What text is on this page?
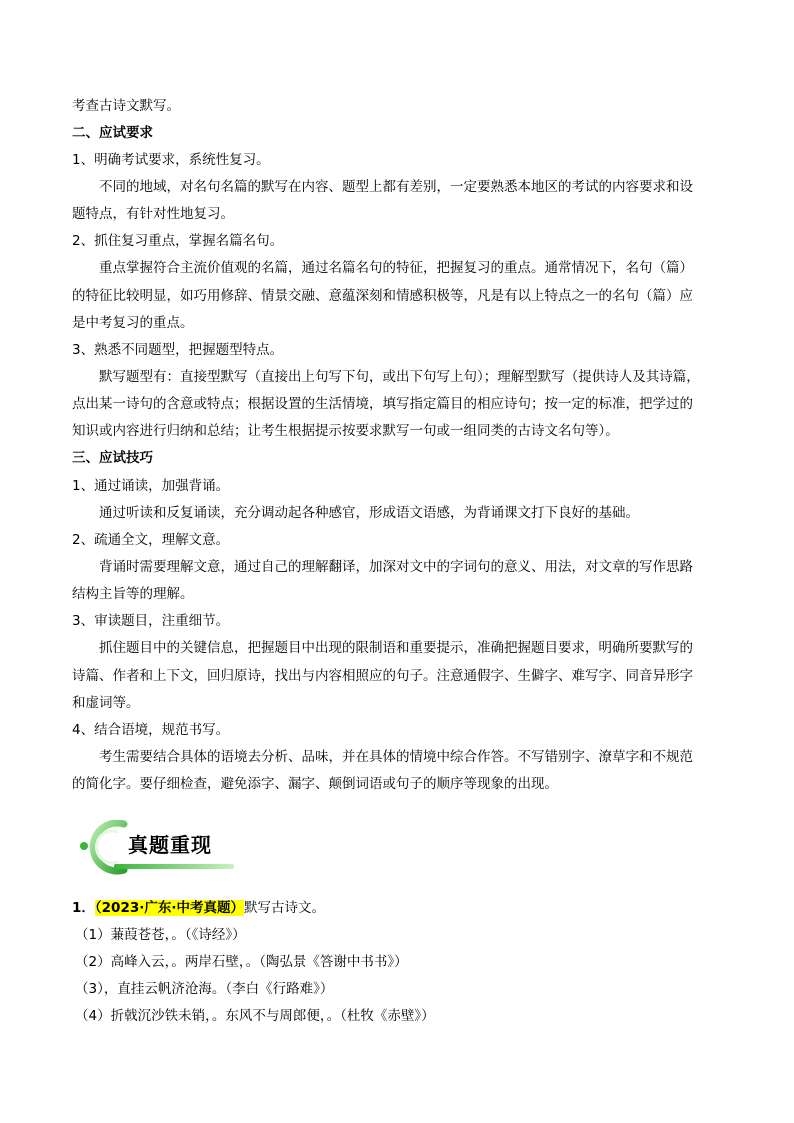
考查古诗文默写。
二、应试要求
1、明确考试要求，系统性复习。
不同的地域，对名句名篇的默写在内容、题型上都有差别，一定要熟悉本地区的考试的内容要求和设
题特点，有针对性地复习。
2、抓住复习重点，掌握名篇名句。
重点掌握符合主流价值观的名篇，通过名篇名句的特征，把握复习的重点。通常情况下，名句（篇）
的特征比较明显，如巧用修辞、情景交融、意蕴深刻和情感积极等，凡是有以上特点之一的名句（篇）应
是中考复习的重点。
3、熟悉不同题型，把握题型特点。
默写题型有：直接型默写（直接出上句写下句，或出下句写上句）；理解型默写（提供诗人及其诗篇，
点出某一诗句的含意或特点；根据设置的生活情境，填写指定篇目的相应诗句；按一定的标准，把学过的
知识或内容进行归纳和总结；让考生根据提示按要求默写一句或一组同类的古诗文名句等）。
三、应试技巧
1、通过诵读，加强背诵。
通过听读和反复诵读，充分调动起各种感官，形成语文语感，为背诵课文打下良好的基础。
2、疏通全文，理解文意。
背诵时需要理解文意，通过自己的理解翻译，加深对文中的字词句的意义、用法，对文章的写作思路
结构主旨等的理解。
3、审读题目，注重细节。
抓住题目中的关键信息，把握题目中出现的限制语和重要提示，准确把握题目要求，明确所要默写的
诗篇、作者和上下文，回归原诗，找出与内容相照应的句子。注意通假字、生僻字、难写字、同音异形字
和虚词等。
4、结合语境，规范书写。
考生需要结合具体的语境去分析、品味，并在具体的情境中综合作答。不写错别字、潦草字和不规范
的简化字。要仔细检查，避免添字、漏字、颠倒词语或句子的顺序等现象的出现。
真题重现
1．（2023·广东·中考真题）默写古诗文。
（1）蒹葭苍苍，。（《诗经》）
（2）高峰入云，。两岸石壁，。（陶弘景《答谢中书书》）
（3），直挂云帆济沧海。（李白《行路难》）
（4）折戟沉沙铁未销，。东风不与周郎便，。（杜牧《赤壁》）
